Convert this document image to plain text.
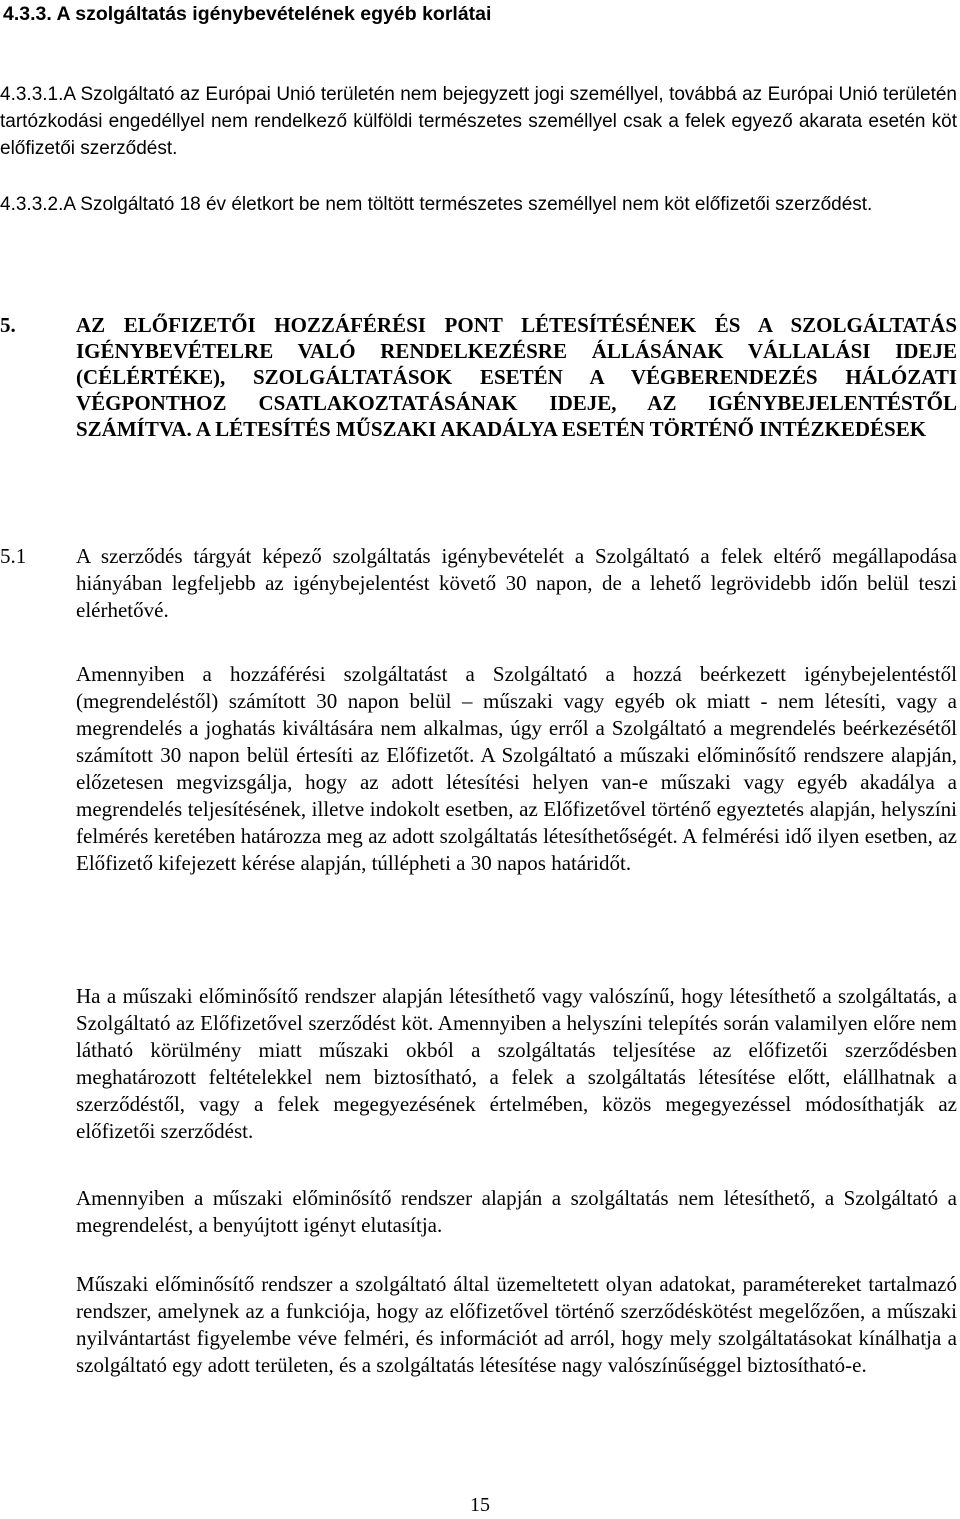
4.3.3. A szolgáltatás igénybevételének egyéb korlátai
4.3.3.1.A Szolgáltató az Európai Unió területén nem bejegyzett jogi személlyel, továbbá az Európai Unió területén tartózkodási engedéllyel nem rendelkező külföldi természetes személlyel csak a felek egyező akarata esetén köt előfizetői szerződést.
4.3.3.2.A Szolgáltató 18 év életkort be nem töltött természetes személlyel nem köt előfizetői szerződést.
5.	AZ ELŐFIZETŐI HOZZÁFÉRÉSI PONT LÉTESÍTÉSÉNEK ÉS A SZOLGÁLTATÁS IGÉNYBEVÉTELRE VALÓ RENDELKEZÉSRE ÁLLÁSÁNAK VÁLLALÁSI IDEJE (CÉLÉRTÉKE), SZOLGÁLTATÁSOK ESETÉN A VÉGBERENDEZÉS HÁLÓZATI VÉGPONTHOZ CSATLAKOZTATÁSÁNAK IDEJE, AZ IGÉNYBEJELENTÉSTŐL SZÁMÍTVA. A LÉTESÍTÉS MŰSZAKI AKADÁLYA ESETÉN TÖRTÉNŐ INTÉZKEDÉSEK
5.1	A szerződés tárgyát képező szolgáltatás igénybevételét a Szolgáltató a felek eltérő megállapodása hiányában legfeljebb az igénybejelentést követő 30 napon, de a lehető legrövidebb időn belül teszi elérhetővé.

Amennyiben a hozzáférési szolgáltatást a Szolgáltató a hozzá beérkezett igénybejelentéstől (megrendeléstől) számított 30 napon belül – műszaki vagy egyéb ok miatt - nem létesíti, vagy a megrendelés a joghatás kiváltására nem alkalmas, úgy erről a Szolgáltató a megrendelés beérkezésétől számított 30 napon belül értesíti az Előfizetőt. A Szolgáltató a műszaki előminősítő rendszere alapján, előzetesen megvizsgálja, hogy az adott létesítési helyen van-e műszaki vagy egyéb akadálya a megrendelés teljesítésének, illetve indokolt esetben, az Előfizetővel történő egyeztetés alapján, helyszíni felmérés keretében határozza meg az adott szolgáltatás létesíthetőségét. A felmérési idő ilyen esetben, az Előfizető kifejezett kérése alapján, túllépheti a 30 napos határidőt.

Ha a műszaki előminősítő rendszer alapján létesíthető vagy valószínű, hogy létesíthető a szolgáltatás, a Szolgáltató az Előfizetővel szerződést köt. Amennyiben a helyszíni telepítés során valamilyen előre nem látható körülmény miatt műszaki okból a szolgáltatás teljesítése az előfizetői szerződésben meghatározott feltételekkel nem biztosítható, a felek a szolgáltatás létesítése előtt, elállhatnak a szerződéstől, vagy a felek megegyezésének értelmében, közös megegyezéssel módosíthatják az előfizetői szerződést.

Amennyiben a műszaki előminősítő rendszer alapján a szolgáltatás nem létesíthető, a Szolgáltató a megrendelést, a benyújtott igényt elutasítja.

Műszaki előminősítő rendszer a szolgáltató által üzemeltetett olyan adatokat, paramétereket tartalmazó rendszer, amelynek az a funkciója, hogy az előfizetővel történő szerződéskötést megelőzően, a műszaki nyilvántartást figyelembe véve felméri, és információt ad arról, hogy mely szolgáltatásokat kínálhatja a szolgáltató egy adott területen, és a szolgáltatás létesítése nagy valószínűséggel biztosítható-e.

15
